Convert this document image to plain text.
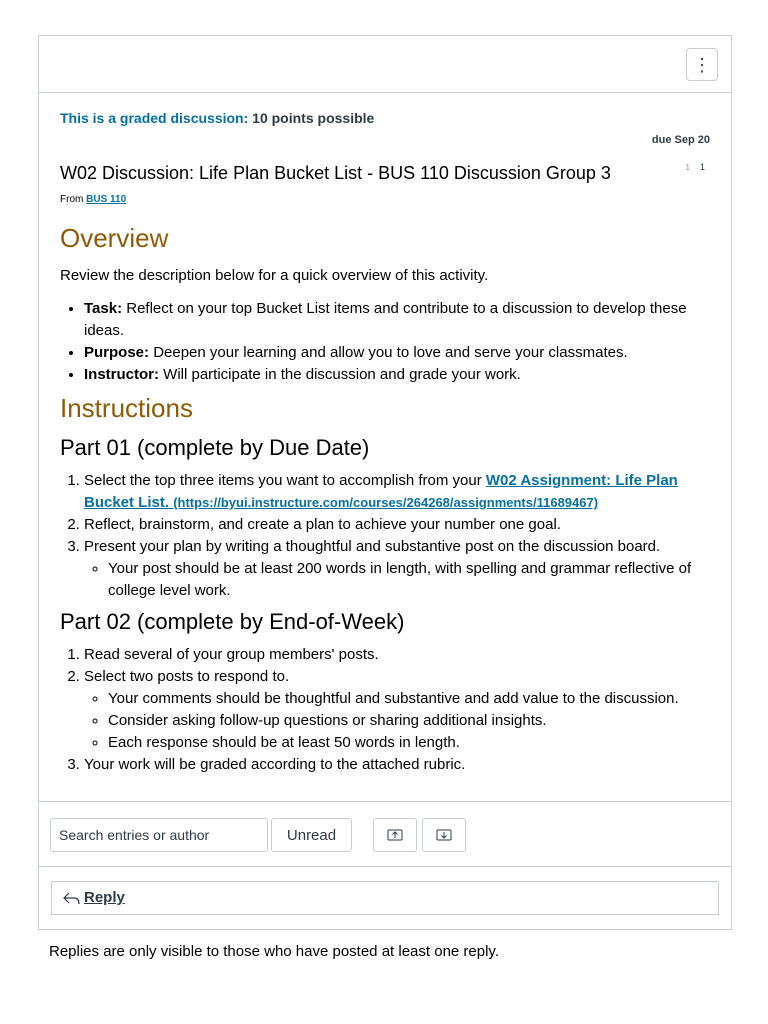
⋮
This is a graded discussion: 10 points possible
due Sep 20
W02 Discussion: Life Plan Bucket List - BUS 110 Discussion Group 3	1 1
From BUS 110
Overview

Review the description below for a quick overview of this activity.

• Task: Reflect on your top Bucket List items and contribute to a discussion to develop these ideas.
• Purpose: Deepen your learning and allow you to love and serve your classmates.
• Instructor: Will participate in the discussion and grade your work.
Instructions
Part 01 (complete by Due Date)
1. Select the top three items you want to accomplish from your W02 Assignment: Life Plan Bucket List. (https://byui.instructure.com/courses/264268/assignments/11689467)
2. Reflect, brainstorm, and create a plan to achieve your number one goal.
3. Present your plan by writing a thoughtful and substantive post on the discussion board.
◦ Your post should be at least 200 words in length, with spelling and grammar reflective of college level work.
Part 02 (complete by End-of-Week)
1. Read several of your group members' posts.
2. Select two posts to respond to.
◦ Your comments should be thoughtful and substantive and add value to the discussion.
◦ Consider asking follow-up questions or sharing additional insights.
◦ Each response should be at least 50 words in length.
3. Your work will be graded according to the attached rubric.
Search entries or author
Unread
Reply
Replies are only visible to those who have posted at least one reply.
